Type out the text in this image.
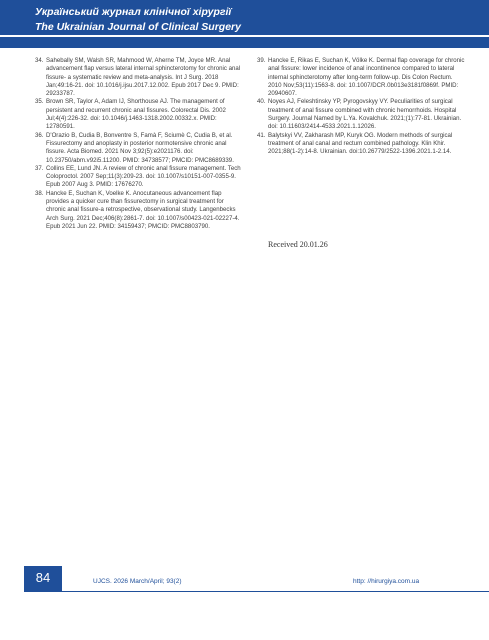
Український журнал клінічної хірургії
The Ukrainian Journal of Clinical Surgery
34. Sahebally SM, Walsh SR, Mahmood W, Aherne TM, Joyce MR. Anal advancement flap versus lateral internal sphincterotomy for chronic anal fissure- a systematic review and meta-analysis. Int J Surg. 2018 Jan;49:16-21. doi: 10.1016/j.ijsu.2017.12.002. Epub 2017 Dec 9. PMID: 29233787.
35. Brown SR, Taylor A, Adam IJ, Shorthouse AJ. The management of persistent and recurrent chronic anal fissures. Colorectal Dis. 2002 Jul;4(4):226-32. doi: 10.1046/j.1463-1318.2002.00332.x. PMID: 12780591.
36. D'Orazio B, Cudia B, Bonventre S, Famà F, Sciumè C, Cudia B, et al. Fissurectomy and anoplasty in posterior normotensive chronic anal fissure. Acta Biomed. 2021 Nov 3;92(5):e2021176. doi: 10.23750/abm.v92i5.11200. PMID: 34738577; PMCID: PMC8689339.
37. Collins EE, Lund JN. A review of chronic anal fissure management. Tech Coloproctol. 2007 Sep;11(3):209-23. doi: 10.1007/s10151-007-0355-9. Epub 2007 Aug 3. PMID: 17676270.
38. Hancke E, Suchan K, Voelke K. Anocutaneous advancement flap provides a quicker cure than fissurectomy in surgical treatment for chronic anal fissure-a retrospective, observational study. Langenbecks Arch Surg. 2021 Dec;406(8):2861-7. doi: 10.1007/s00423-021-02227-4. Epub 2021 Jun 22. PMID: 34159437; PMCID: PMC8803790.
39. Hancke E, Rikas E, Suchan K, Völke K. Dermal flap coverage for chronic anal fissure: lower incidence of anal incontinence compared to lateral internal sphincterotomy after long-term follow-up. Dis Colon Rectum. 2010 Nov;53(11):1563-8. doi: 10.1007/DCR.0b013e3181f0869f. PMID: 20940607.
40. Noyes AJ, Feleshtinsky YP, Pyrogovskyy VY. Peculiarities of surgical treatment of anal fissure combined with chronic hemorrhoids. Hospital Surgery. Journal Named by L.Ya. Kovalchuk. 2021;(1):77-81. Ukrainian. doi: 10.11603/2414-4533.2021.1.12026.
41. Balytskyi VV, Zakharash MP, Kuryk OG. Modern methods of surgical treatment of anal canal and rectum combined pathology. Klin Khir. 2021;88(1-2):14-8. Ukrainian. doi:10.26779/2522-1396.2021.1-2.14.
Received 20.01.26
84	UJCS. 2026 March/April; 93(2)	http: //hirurgiya.com.ua
